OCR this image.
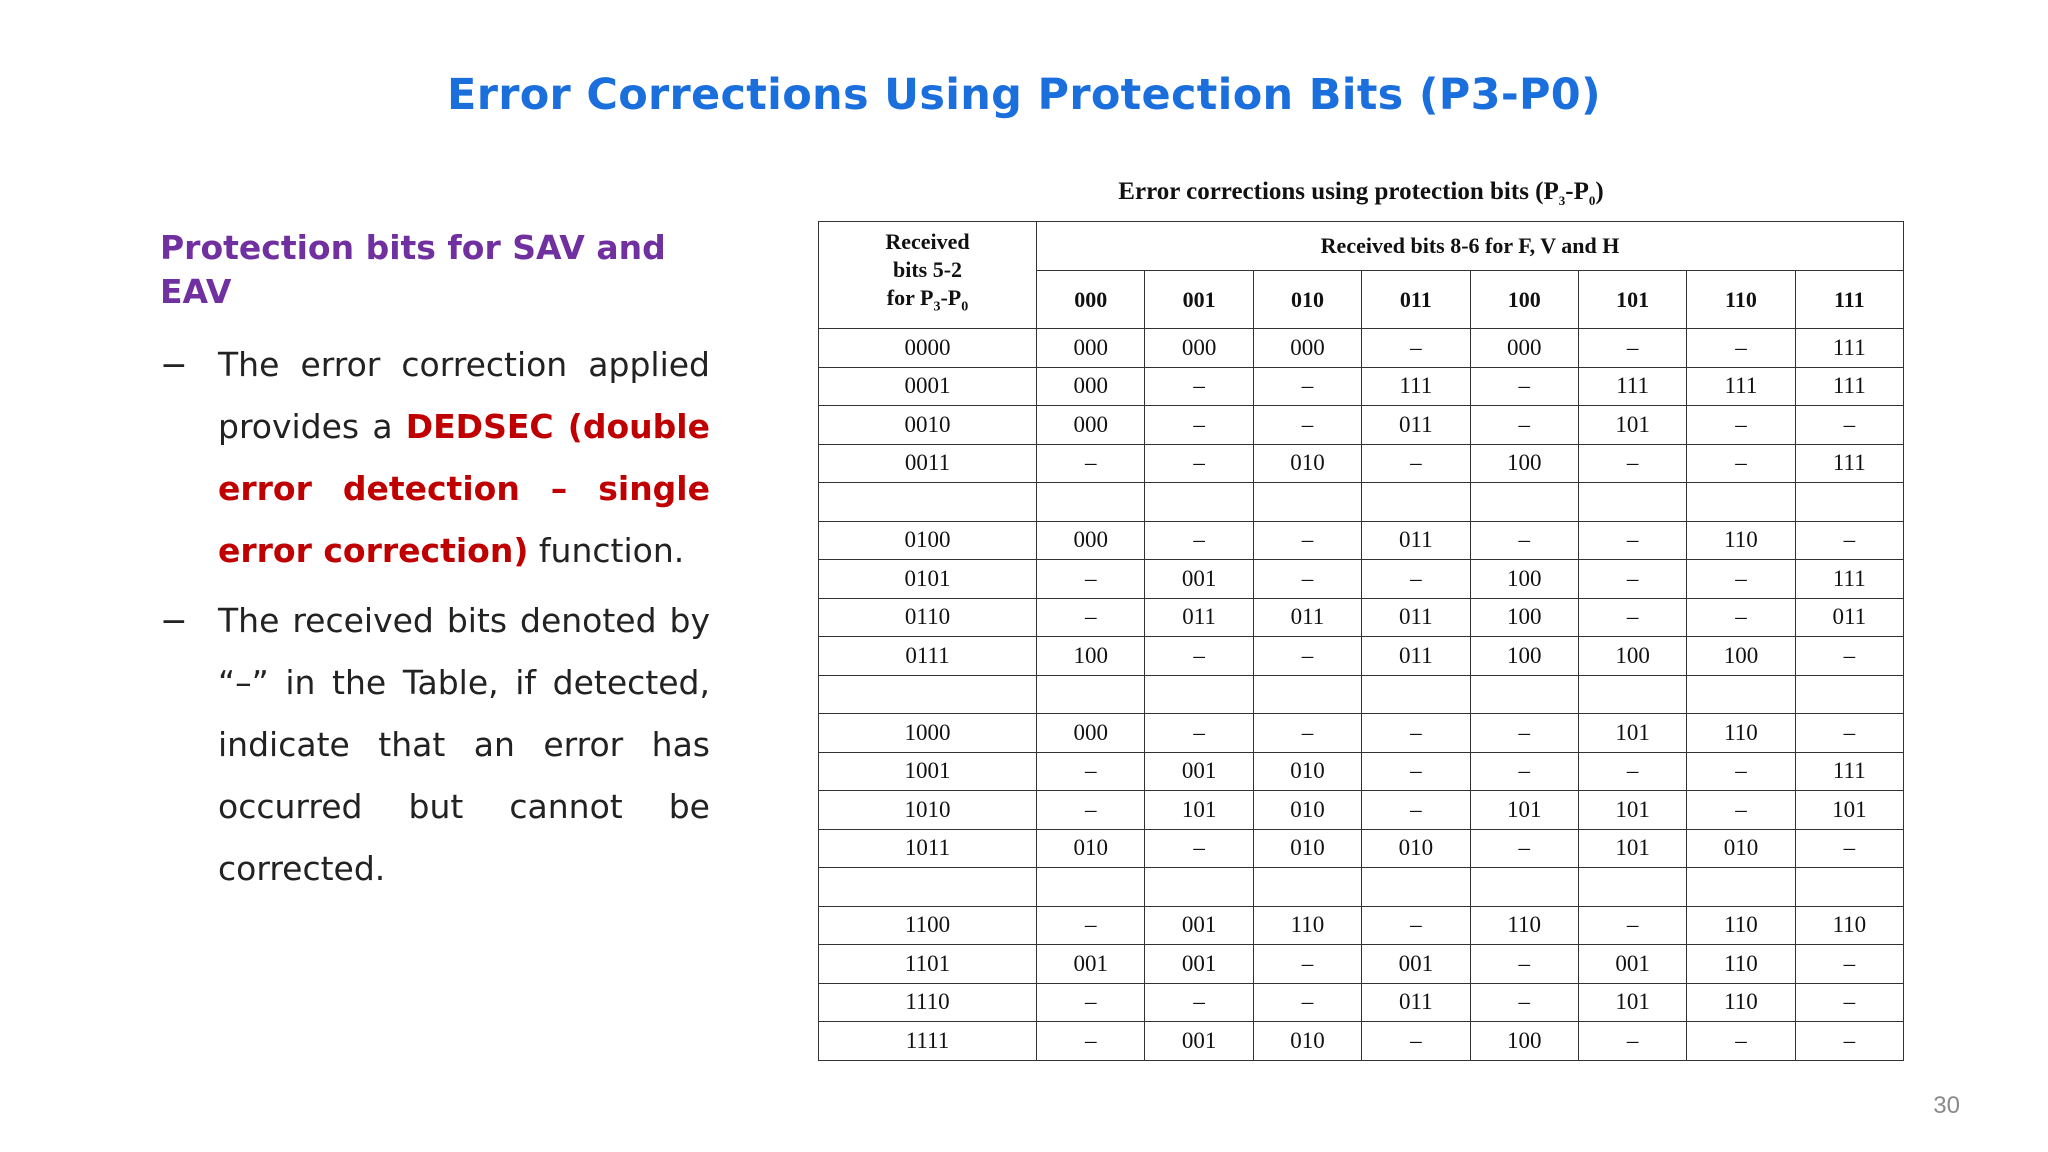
Error Corrections Using Protection Bits (P3-P0)
Protection bits for SAV and EAV
− The error correction applied provides a DEDSEC (double error detection – single error correction) function.
− The received bits denoted by “–” in the Table, if detected, indicate that an error has occurred but cannot be corrected.
Error corrections using protection bits $(P_3-P_0)$
Received
bits 5-2
for $P_3-P_0$	Received bits 8-6 for F, V and H							
	000	001	010	011	100	101	110	111
0000	000	000	000	–	000	–	–	111
0001	000	–	–	111	–	111	111	111
0010	000	–	–	011	–	101	–	–
0011	–	–	010	–	100	–	–	111

0100	000	–	–	011	–	–	110	–
0101	–	001	–	–	100	–	–	111
0110	–	011	011	011	100	–	–	011
0111	100	–	–	011	100	100	100	–

1000	000	–	–	–	–	101	110	–
1001	–	001	010	–	–	–	–	111
1010	–	101	010	–	101	101	–	101
1011	010	–	010	010	–	101	010	–

1100	–	001	110	–	110	–	110	110
1101	001	001	–	001	–	001	110	–
1110	–	–	–	011	–	101	110	–
1111	–	001	010	–	100	–	–	–
30
